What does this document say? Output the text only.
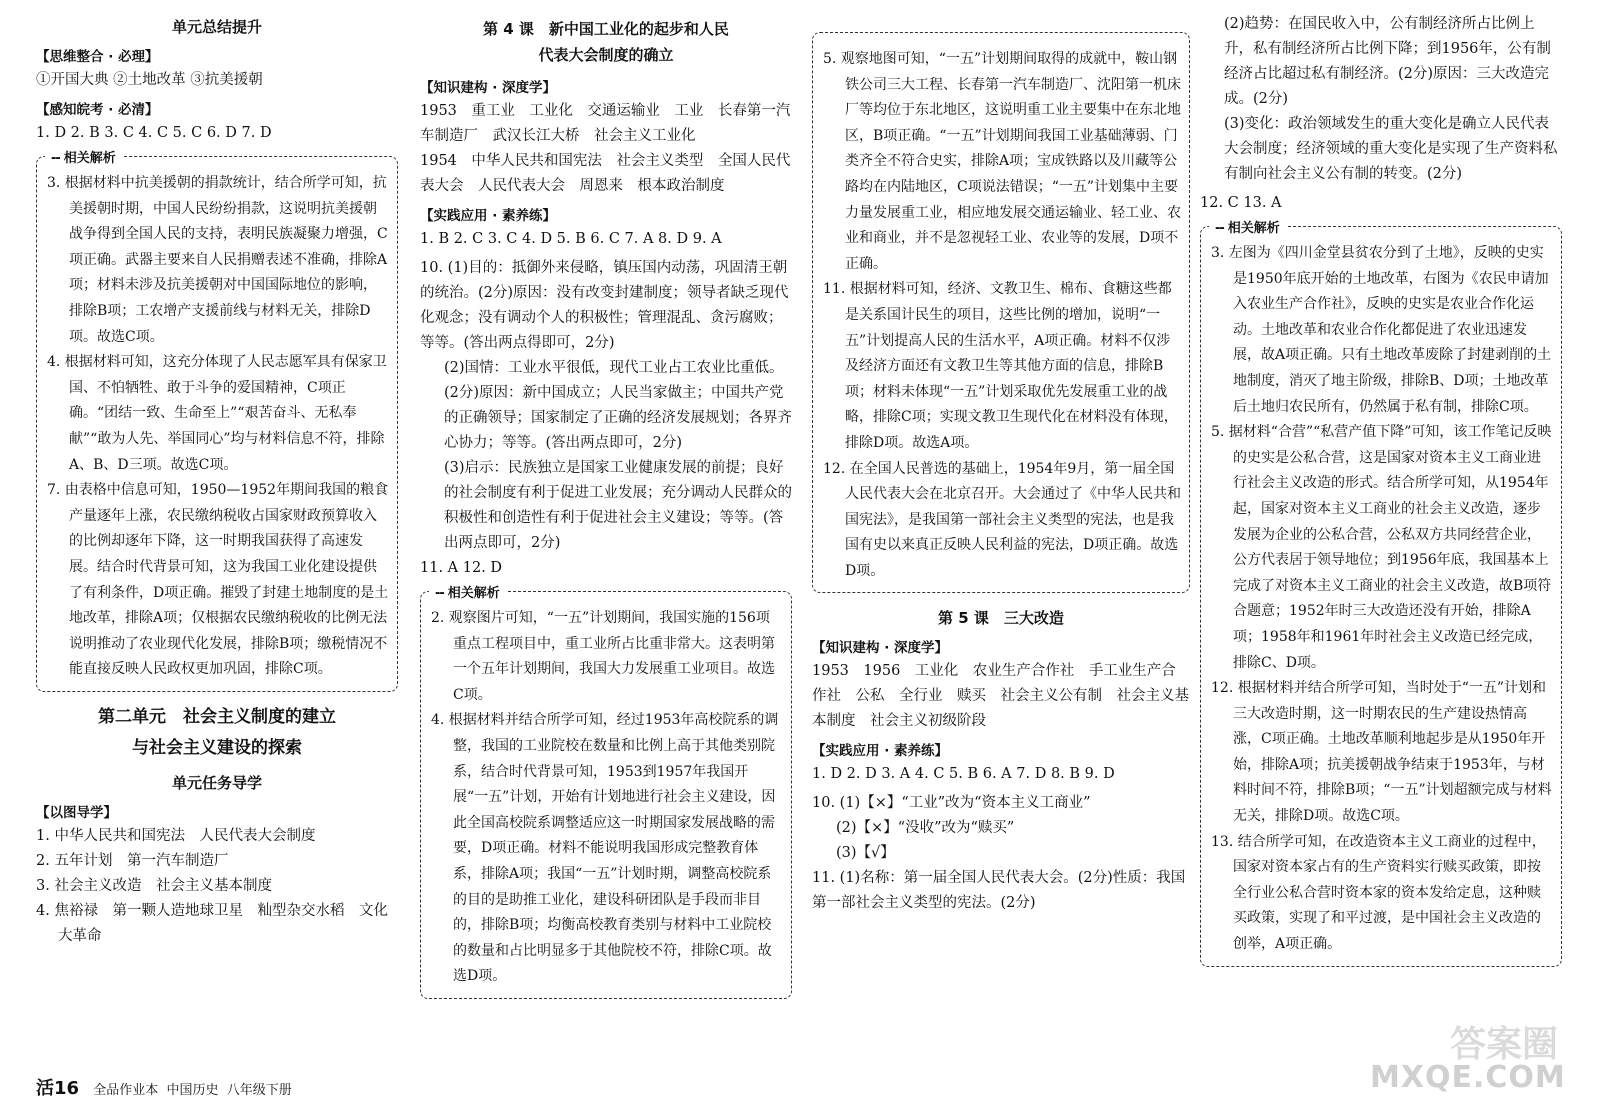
单元总结提升

【思维整合 · 必理】

①开国大典 ②土地改革 ③抗美援朝

【感知皖考 · 必清】

1. D 2. B 3. C 4. C 5. C 6. D 7. D

-- 相关解析

3. 根据材料中抗美援朝的捐款统计，结合所学可知，抗美援朝时期，中国人民纷纷捐款，这说明抗美援朝战争得到全国人民的支持，表明民族凝聚力增强，C项正确。武器主要来自人民捐赠表述不准确，排除A项；材料未涉及抗美援朝对中国国际地位的影响，排除B项；工农增产支援前线与材料无关，排除D项。故选C项。

4. 根据材料可知，这充分体现了人民志愿军具有保家卫国、不怕牺牲、敢于斗争的爱国精神，C项正确。“团结一致、生命至上”“艰苦奋斗、无私奉献”“敢为人先、举国同心”均与材料信息不符，排除A、B、D三项。故选C项。

7. 由表格中信息可知，1950—1952年期间我国的粮食产量逐年上涨，农民缴纳税收占国家财政预算收入的比例却逐年下降，这一时期我国获得了高速发展。结合时代背景可知，这为我国工业化建设提供了有利条件，D项正确。摧毁了封建土地制度的是土地改革，排除A项；仅根据农民缴纳税收的比例无法说明推动了农业现代化发展，排除B项；缴税情况不能直接反映人民政权更加巩固，排除C项。

第二单元　社会主义制度的建立

与社会主义建设的探索

单元任务导学

【以图导学】

1. 中华人民共和国宪法　人民代表大会制度

2. 五年计划　第一汽车制造厂

3. 社会主义改造　社会主义基本制度

4. 焦裕禄　第一颗人造地球卫星　籼型杂交水稻　文化大革命

第 4 课　新中国工业化的起步和人民

代表大会制度的确立

【知识建构 · 深度学】

1953　重工业　工业化　交通运输业　工业　长春第一汽车制造厂　武汉长江大桥　社会主义工业化

1954　中华人民共和国宪法　社会主义类型　全国人民代表大会　人民代表大会　周恩来　根本政治制度

【实践应用 · 素养练】

1. B 2. C 3. C 4. D 5. B 6. C 7. A 8. D 9. A

10. (1)目的：抵御外来侵略，镇压国内动荡，巩固清王朝的统治。(2分)原因：没有改变封建制度；领导者缺乏现代化观念；没有调动个人的积极性；管理混乱、贪污腐败；等等。(答出两点得即可，2分)

(2)国情：工业水平很低，现代工业占工农业比重低。(2分)原因：新中国成立；人民当家做主；中国共产党的正确领导；国家制定了正确的经济发展规划；各界齐心协力；等等。(答出两点即可，2分)

(3)启示：民族独立是国家工业健康发展的前提；良好的社会制度有利于促进工业发展；充分调动人民群众的积极性和创造性有利于促进社会主义建设；等等。(答出两点即可，2分)

11. A 12. D

-- 相关解析

2. 观察图片可知，“一五”计划期间，我国实施的156项重点工程项目中，重工业所占比重非常大。这表明第一个五年计划期间，我国大力发展重工业项目。故选C项。

4. 根据材料并结合所学可知，经过1953年高校院系的调整，我国的工业院校在数量和比例上高于其他类别院系，结合时代背景可知，1953到1957年我国开展“一五”计划，开始有计划地进行社会主义建设，因此全国高校院系调整适应这一时期国家发展战略的需要，D项正确。材料不能说明我国形成完整教育体系，排除A项；我国“一五”计划时期，调整高校院系的目的是助推工业化，建设科研团队是手段而非目的，排除B项；均衡高校教育类别与材料中工业院校的数量和占比明显多于其他院校不符，排除C项。故选D项。

5. 观察地图可知，“一五”计划期间取得的成就中，鞍山钢铁公司三大工程、长春第一汽车制造厂、沈阳第一机床厂等均位于东北地区，这说明重工业主要集中在东北地区，B项正确。“一五”计划期间我国工业基础薄弱、门类齐全不符合史实，排除A项；宝成铁路以及川藏等公路均在内陆地区，C项说法错误；“一五”计划集中主要力量发展重工业，相应地发展交通运输业、轻工业、农业和商业，并不是忽视轻工业、农业等的发展，D项不正确。

11. 根据材料可知，经济、文教卫生、棉布、食糖这些都是关系国计民生的项目，这些比例的增加，说明“一五”计划提高人民的生活水平，A项正确。材料不仅涉及经济方面还有文教卫生等其他方面的信息，排除B项；材料未体现“一五”计划采取优先发展重工业的战略，排除C项；实现文教卫生现代化在材料没有体现，排除D项。故选A项。

12. 在全国人民普选的基础上，1954年9月，第一届全国人民代表大会在北京召开。大会通过了《中华人民共和国宪法》，是我国第一部社会主义类型的宪法，也是我国有史以来真正反映人民利益的宪法，D项正确。故选D项。

第 5 课　三大改造

【知识建构 · 深度学】

1953　1956　工业化　农业生产合作社　手工业生产合作社　公私　全行业　赎买　社会主义公有制　社会主义基本制度　社会主义初级阶段

【实践应用 · 素养练】

1. D 2. D 3. A 4. C 5. B 6. A 7. D 8. B 9. D

10. (1)【×】“工业”改为“资本主义工商业”

(2)【×】“没收”改为“赎买”

(3)【√】

11. (1)名称：第一届全国人民代表大会。(2分)性质：我国第一部社会主义类型的宪法。(2分)

(2)趋势：在国民收入中，公有制经济所占比例上升，私有制经济所占比例下降；到1956年，公有制经济占比超过私有制经济。(2分)原因：三大改造完成。(2分)

(3)变化：政治领域发生的重大变化是确立人民代表大会制度；经济领域的重大变化是实现了生产资料私有制向社会主义公有制的转变。(2分)

12. C 13. A

-- 相关解析

3. 左图为《四川金堂县贫农分到了土地》，反映的史实是1950年底开始的土地改革，右图为《农民申请加入农业生产合作社》，反映的史实是农业合作化运动。土地改革和农业合作化都促进了农业迅速发展，故A项正确。只有土地改革废除了封建剥削的土地制度，消灭了地主阶级，排除B、D项；土地改革后土地归农民所有，仍然属于私有制，排除C项。

5. 据材料“合营”“私营产值下降”可知，该工作笔记反映的史实是公私合营，这是国家对资本主义工商业进行社会主义改造的形式。结合所学可知，从1954年起，国家对资本主义工商业的社会主义改造，逐步发展为企业的公私合营，公私双方共同经营企业，公方代表居于领导地位；到1956年底，我国基本上完成了对资本主义工商业的社会主义改造，故B项符合题意；1952年时三大改造还没有开始，排除A项；1958年和1961年时社会主义改造已经完成，排除C、D项。

12. 根据材料并结合所学可知，当时处于“一五”计划和三大改造时期，这一时期农民的生产建设热情高涨，C项正确。土地改革顺利地起步是从1950年开始，排除A项；抗美援朝战争结束于1953年，与材料时间不符，排除B项；“一五”计划超额完成与材料无关，排除D项。故选C项。

13. 结合所学可知，在改造资本主义工商业的过程中，国家对资本家占有的生产资料实行赎买政策，即按全行业公私合营时资本家的资本发给定息，这种赎买政策，实现了和平过渡，是中国社会主义改造的创举，A项正确。

活16 全品作业本 中国历史 八年级下册
答案圈
MXQE.COM
